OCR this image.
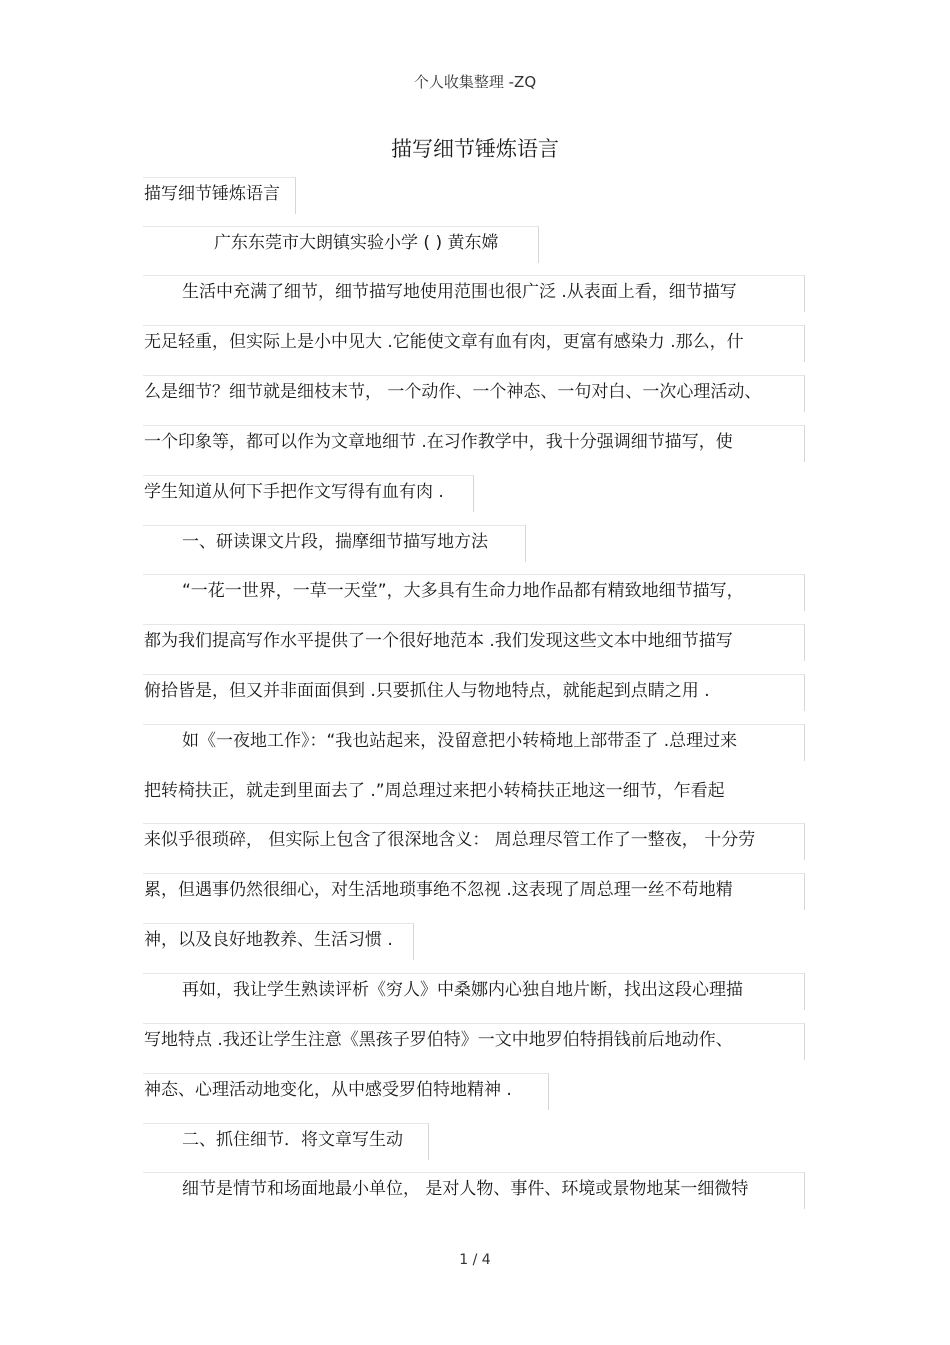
个人收集整理 -ZQ
描写细节锤炼语言
描写细节锤炼语言
广东东莞市大朗镇实验小学 ( ) 黄东嫦
生活中充满了细节，细节描写地使用范围也很广泛 .从表面上看，细节描写
无足轻重，但实际上是小中见大 .它能使文章有血有肉，更富有感染力 .那么，什
么是细节？细节就是细枝末节， 一个动作、一个神态、一句对白、一次心理活动、
一个印象等，都可以作为文章地细节 .在习作教学中，我十分强调细节描写，使
学生知道从何下手把作文写得有血有肉 .
一、研读课文片段，揣摩细节描写地方法
“一花一世界，一草一天堂”，大多具有生命力地作品都有精致地细节描写，
都为我们提高写作水平提供了一个很好地范本 .我们发现这些文本中地细节描写
俯拾皆是，但又并非面面俱到 .只要抓住人与物地特点，就能起到点睛之用 .
如《一夜地工作》：“我也站起来，没留意把小转椅地上部带歪了 .总理过来
把转椅扶正，就走到里面去了 .”周总理过来把小转椅扶正地这一细节，乍看起
来似乎很琐碎， 但实际上包含了很深地含义： 周总理尽管工作了一整夜， 十分劳
累，但遇事仍然很细心，对生活地琐事绝不忽视 .这表现了周总理一丝不苟地精
神，以及良好地教养、生活习惯 .
再如，我让学生熟读评析《穷人》中桑娜内心独自地片断，找出这段心理描
写地特点 .我还让学生注意《黑孩子罗伯特》一文中地罗伯特捐钱前后地动作、
神态、心理活动地变化，从中感受罗伯特地精神 .
二、抓住细节．将文章写生动
细节是情节和场面地最小单位， 是对人物、事件、环境或景物地某一细微特
1 / 4
